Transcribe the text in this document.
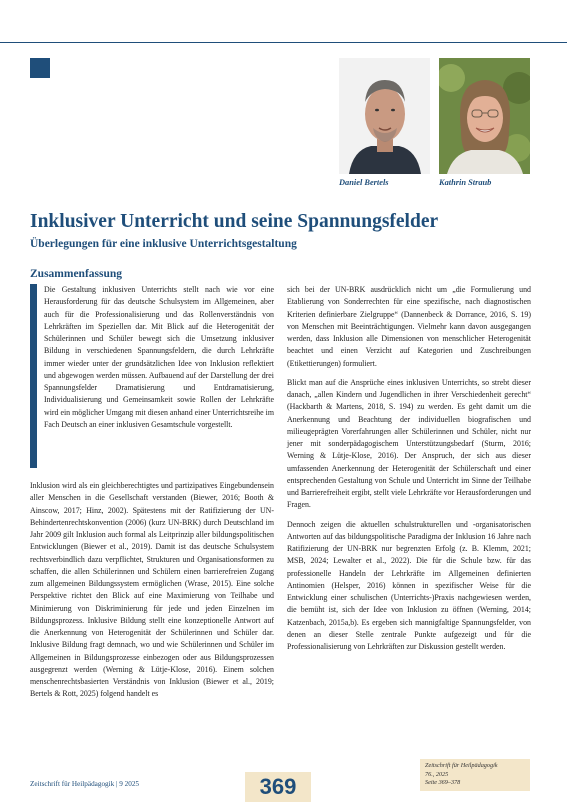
Daniel Bertels	Kathrin Straub
Inklusiver Unterricht und seine Spannungsfelder
Überlegungen für eine inklusive Unterrichtsgestaltung
Zusammenfassung

Die Gestaltung inklusiven Unterrichts stellt nach wie vor eine Herausforderung für das deutsche Schulsystem im Allgemeinen, aber auch für die Professionalisierung und das Rollenverständnis von Lehrkräften im Speziellen dar. Mit Blick auf die Heterogenität der Schülerinnen und Schüler bewegt sich die Umsetzung inklusiver Bildung in verschiedenen Spannungsfeldern, die durch Lehrkräfte immer wieder unter der grundsätzlichen Idee von Inklusion reflektiert und abgewogen werden müssen. Aufbauend auf der Darstellung der drei Spannungsfelder Dramatisierung und Entdramatisierung, Individualisierung und Gemeinsamkeit sowie Rollen der Lehrkräfte wird ein möglicher Umgang mit diesen anhand einer Unterrichtsreihe im Fach Deutsch an einer inklusiven Gesamtschule vorgestellt.

Inklusion wird als ein gleichberechtigtes und partizipatives Eingebundensein aller Menschen in die Gesellschaft verstanden (Biewer, 2016; Booth & Ainscow, 2017; Hinz, 2002). Spätestens mit der Ratifizierung der UN-Behindertenrechtskonvention (2006) (kurz UN-BRK) durch Deutschland im Jahr 2009 gilt Inklusion auch formal als Leitprinzip aller bildungspolitischen Entwicklungen (Biewer et al., 2019). Damit ist das deutsche Schulsystem rechtsverbindlich dazu verpflichtet, Strukturen und Organisationsformen zu schaffen, die allen Schülerinnen und Schülern einen barrierefreien Zugang zum allgemeinen Bildungssystem ermöglichen (Wrase, 2015). Eine solche Perspektive richtet den Blick auf eine Maximierung von Teilhabe und Minimierung von Diskriminierung für jede und jeden Einzelnen im Bildungsprozess. Inklusive Bildung stellt eine konzeptionelle Antwort auf die Anerkennung von Heterogenität der Schülerinnen und Schüler dar. Inklusive Bildung fragt demnach, wo und wie Schülerinnen und Schüler im Allgemeinen in Bildungsprozesse einbezogen oder aus Bildungsprozessen ausgegrenzt werden (Werning & Lütje-Klose, 2016). Einem solchen menschenrechtsbasierten Verständnis von Inklusion (Biewer et al., 2019; Bertels & Rott, 2025) folgend handelt es

sich bei der UN-BRK ausdrücklich nicht um „die Formulierung und Etablierung von Sonderrechten für eine spezifische, nach diagnostischen Kriterien definierbare Zielgruppe“ (Dannenbeck & Dorrance, 2016, S. 19) von Menschen mit Beeinträchtigungen. Vielmehr kann davon ausgegangen werden, dass Inklusion alle Dimensionen von menschlicher Heterogenität beachtet und einen Verzicht auf Kategorien und Zuschreibungen (Etikettierungen) formuliert.

Blickt man auf die Ansprüche eines inklusiven Unterrichts, so strebt dieser danach, „allen Kindern und Jugendlichen in ihrer Verschiedenheit gerecht“ (Hackbarth & Martens, 2018, S. 194) zu werden. Es geht damit um die Anerkennung und Beachtung der individuellen biografischen und milieugeprägten Vorerfahrungen aller Schülerinnen und Schüler, nicht nur jener mit sonderpädagogischem Unterstützungsbedarf (Sturm, 2016; Werning & Lütje-Klose, 2016). Der Anspruch, der sich aus dieser umfassenden Anerkennung der Heterogenität der Schülerschaft und einer entsprechenden Gestaltung von Schule und Unterricht im Sinne der Teilhabe und Barrierefreiheit ergibt, stellt viele Lehrkräfte vor Herausforderungen und Fragen.

Dennoch zeigen die aktuellen schulstrukturellen und -organisatorischen Antworten auf das bildungspolitische Paradigma der Inklusion 16 Jahre nach Ratifizierung der UN-BRK nur begrenzten Erfolg (z. B. Klemm, 2021; MSB, 2024; Lewalter et al., 2022). Die für die Schule bzw. für das professionelle Handeln der Lehrkräfte im Allgemeinen definierten Antinomien (Helsper, 2016) können in spezifischer Weise für die Entwicklung einer schulischen (Unterrichts-)Praxis nachgewiesen werden, die bemüht ist, sich der Idee von Inklusion zu öffnen (Werning, 2014; Katzenbach, 2015a,b). Es ergeben sich mannigfaltige Spannungsfelder, von denen an dieser Stelle zentrale Punkte aufgezeigt und für die Professionalisierung von Lehrkräften zur Diskussion gestellt werden.

Zeitschrift für Heilpädagogik | 9 2025	369
Zeitschrift für Heilpädagogik
76., 2025
Seite 369–378
